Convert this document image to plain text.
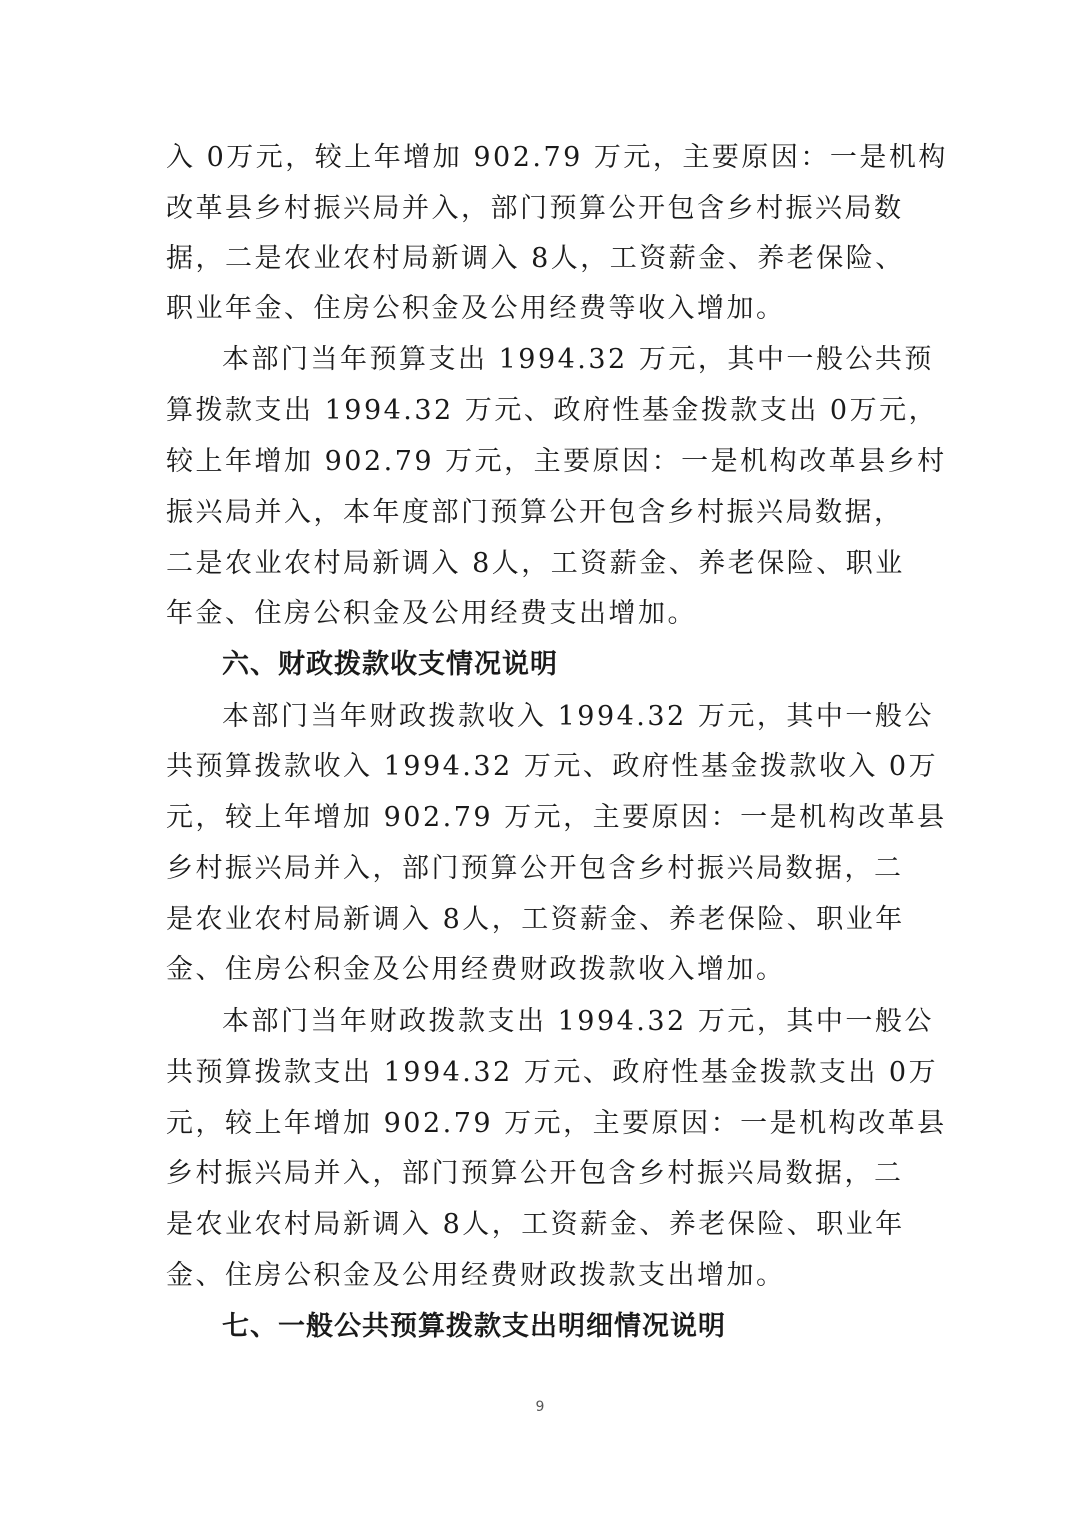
入 0万元，较上年增加 902.79 万元，主要原因：一是机构
改革县乡村振兴局并入，部门预算公开包含乡村振兴局数
据，二是农业农村局新调入 8人，工资薪金、养老保险、
职业年金、住房公积金及公用经费等收入增加。
本部门当年预算支出 1994.32 万元，其中一般公共预
算拨款支出 1994.32 万元、政府性基金拨款支出 0万元，
较上年增加 902.79 万元，主要原因：一是机构改革县乡村
振兴局并入，本年度部门预算公开包含乡村振兴局数据，
二是农业农村局新调入 8人，工资薪金、养老保险、职业
年金、住房公积金及公用经费支出增加。
六、财政拨款收支情况说明
本部门当年财政拨款收入 1994.32 万元，其中一般公
共预算拨款收入 1994.32 万元、政府性基金拨款收入 0万
元，较上年增加 902.79 万元，主要原因：一是机构改革县
乡村振兴局并入，部门预算公开包含乡村振兴局数据，二
是农业农村局新调入 8人，工资薪金、养老保险、职业年
金、住房公积金及公用经费财政拨款收入增加。
本部门当年财政拨款支出 1994.32 万元，其中一般公
共预算拨款支出 1994.32 万元、政府性基金拨款支出 0万
元，较上年增加 902.79 万元，主要原因：一是机构改革县
乡村振兴局并入，部门预算公开包含乡村振兴局数据，二
是农业农村局新调入 8人，工资薪金、养老保险、职业年
金、住房公积金及公用经费财政拨款支出增加。
七、一般公共预算拨款支出明细情况说明
9
